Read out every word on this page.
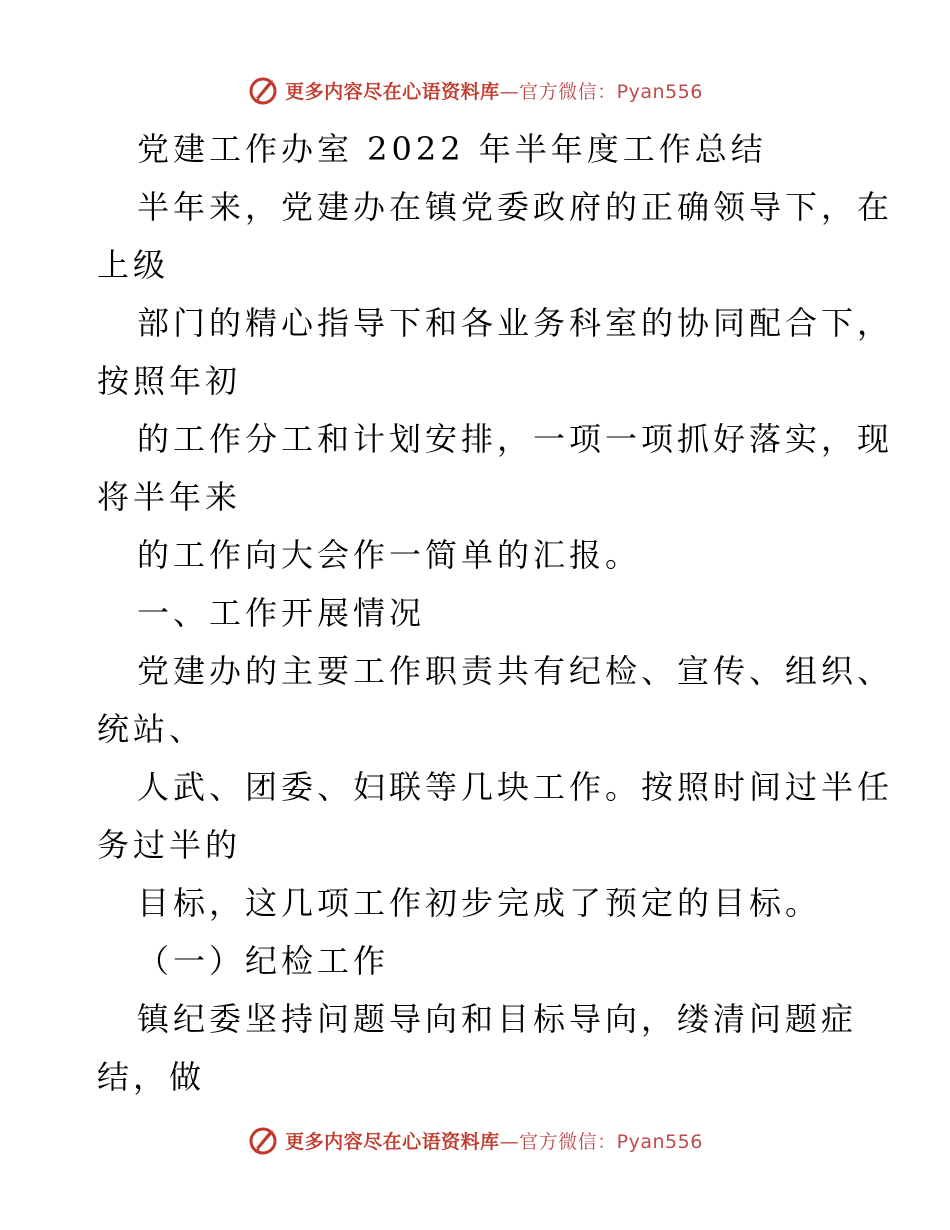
更多内容尽在心语资料库—官方微信：Pyan556
党建工作办室 2022 年半年度工作总结
半年来，党建办在镇党委政府的正确领导下，在
上级
部门的精心指导下和各业务科室的协同配合下，
按照年初
的工作分工和计划安排，一项一项抓好落实，现
将半年来
的工作向大会作一简单的汇报。
一、工作开展情况
党建办的主要工作职责共有纪检、宣传、组织、
统站、
人武、团委、妇联等几块工作。按照时间过半任
务过半的
目标，这几项工作初步完成了预定的目标。
（一）纪检工作
镇纪委坚持问题导向和目标导向，缕清问题症
结，做
更多内容尽在心语资料库—官方微信：Pyan556
